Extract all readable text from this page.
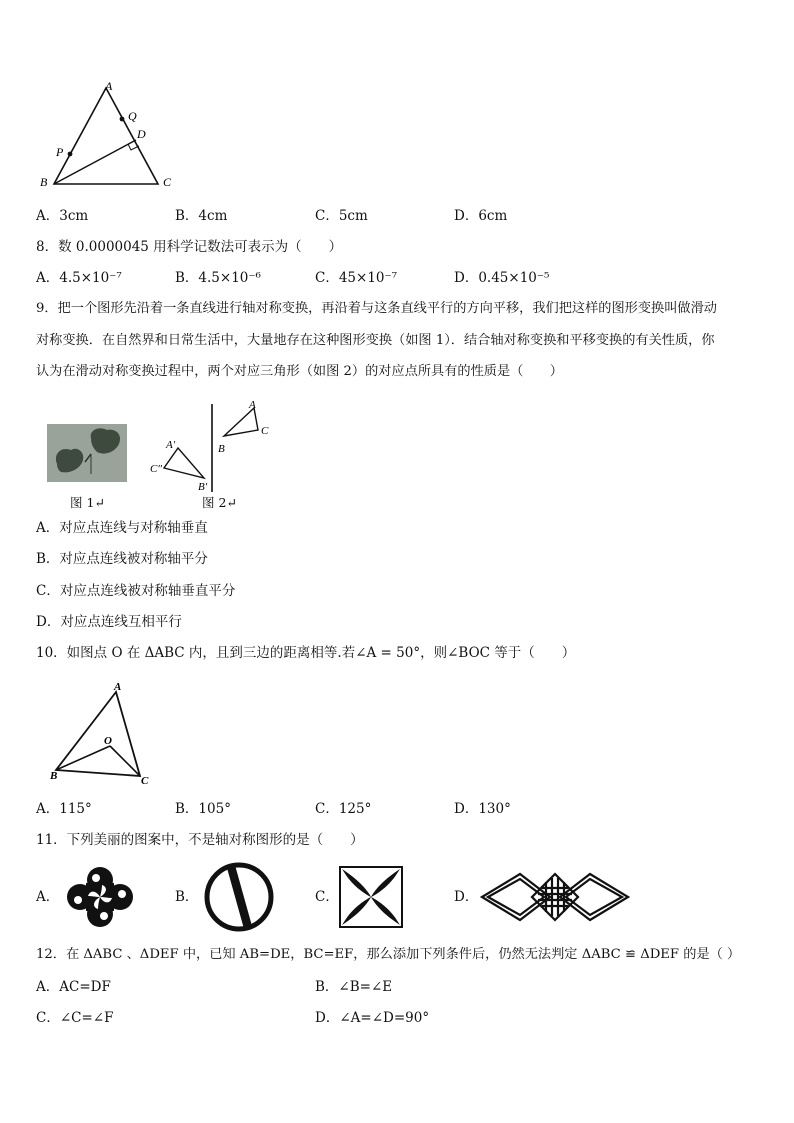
A
Q
D
P
B	C
A．3cm	B．4cm	C．5cm	D．6cm
8．数 0.0000045 用科学记数法可表示为（　　）
A．4.5×10⁻⁷	B．4.5×10⁻⁶	C．45×10⁻⁷	D．0.45×10⁻⁵
9．把一个图形先沿着一条直线进行轴对称变换，再沿着与这条直线平行的方向平移，我们把这样的图形变换叫做滑动
对称变换．在自然界和日常生活中，大量地存在这种图形变换（如图 1）．结合轴对称变换和平移变换的有关性质，你
认为在滑动对称变换过程中，两个对应三角形（如图 2）的对应点所具有的性质是（　　）
图 1↵
A
C
B
A′
C″
B′
图 2↵
A．对应点连线与对称轴垂直
B．对应点连线被对称轴平分
C．对应点连线被对称轴垂直平分
D．对应点连线互相平行
10．如图点 O 在 ΔABC 内，且到三边的距离相等.若∠A = 50°，则∠BOC 等于（　　）
A
O
B	C
A．115°	B．105°	C．125°	D．130°
11．下列美丽的图案中，不是轴对称图形的是（　　）
A．	B．	C．	D．
12．在 ΔABC 、ΔDEF 中，已知 AB=DE，BC=EF，那么添加下列条件后，仍然无法判定 ΔABC ≌ ΔDEF 的是（ ）
A．AC=DF	B．∠B=∠E
C．∠C=∠F	D．∠A=∠D=90°
